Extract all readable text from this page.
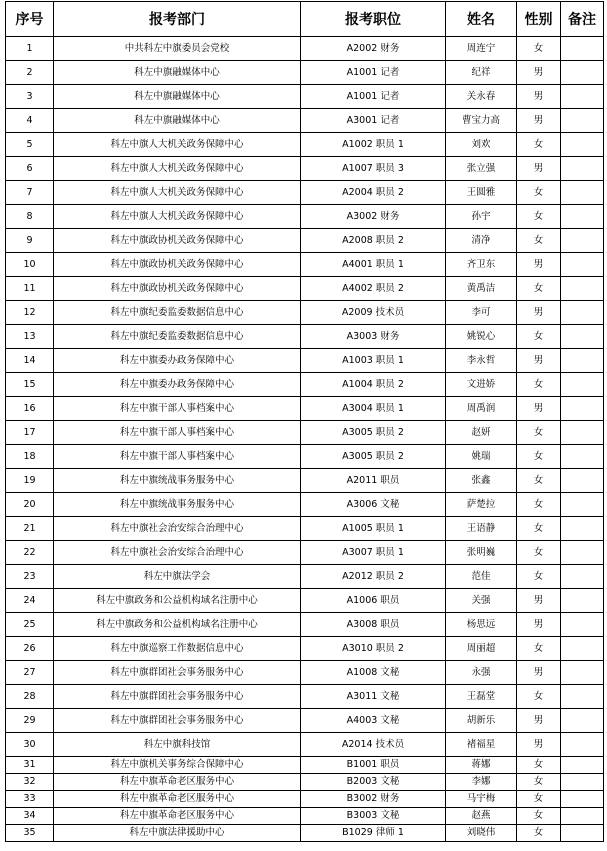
序号	报考部门	报考职位	姓名	性别	备注
1	中共科左中旗委员会党校	A2002 财务	周连宁	女	
2	科左中旗融媒体中心	A1001 记者	纪祥	男	
3	科左中旗融媒体中心	A1001 记者	关永春	男	
4	科左中旗融媒体中心	A3001 记者	曹宝力高	男	
5	科左中旗人大机关政务保障中心	A1002 职员 1	刘欢	女	
6	科左中旗人大机关政务保障中心	A1007 职员 3	张立强	男	
7	科左中旗人大机关政务保障中心	A2004 职员 2	王圆雅	女	
8	科左中旗人大机关政务保障中心	A3002 财务	孙宇	女	
9	科左中旗政协机关政务保障中心	A2008 职员 2	清净	女	
10	科左中旗政协机关政务保障中心	A4001 职员 1	齐卫东	男	
11	科左中旗政协机关政务保障中心	A4002 职员 2	黄禹洁	女	
12	科左中旗纪委监委数据信息中心	A2009 技术员	李可	男	
13	科左中旗纪委监委数据信息中心	A3003 财务	姚锐心	女	
14	科左中旗委办政务保障中心	A1003 职员 1	李永哲	男	
15	科左中旗委办政务保障中心	A1004 职员 2	文进娇	女	
16	科左中旗干部人事档案中心	A3004 职员 1	周禹润	男	
17	科左中旗干部人事档案中心	A3005 职员 2	赵妍	女	
18	科左中旗干部人事档案中心	A3005 职员 2	姚瑞	女	
19	科左中旗统战事务服务中心	A2011 职员	张鑫	女	
20	科左中旗统战事务服务中心	A3006 文秘	萨楚拉	女	
21	科左中旗社会治安综合治理中心	A1005 职员 1	王语静	女	
22	科左中旗社会治安综合治理中心	A3007 职员 1	张明巍	女	
23	科左中旗法学会	A2012 职员 2	范佳	女	
24	科左中旗政务和公益机构域名注册中心	A1006 职员	关强	男	
25	科左中旗政务和公益机构域名注册中心	A3008 职员	杨思远	男	
26	科左中旗巡察工作数据信息中心	A3010 职员 2	周丽超	女	
27	科左中旗群团社会事务服务中心	A1008 文秘	永强	男	
28	科左中旗群团社会事务服务中心	A3011 文秘	王磊堂	女	
29	科左中旗群团社会事务服务中心	A4003 文秘	胡新乐	男	
30	科左中旗科技馆	A2014 技术员	褚福星	男	
31	科左中旗机关事务综合保障中心	B1001 职员	蒋娜	女	
32	科左中旗革命老区服务中心	B2003 文秘	李娜	女	
33	科左中旗革命老区服务中心	B3002 财务	马宇梅	女	
34	科左中旗革命老区服务中心	B3003 文秘	赵燕	女	
35	科左中旗法律援助中心	B1029 律师 1	刘晓伟	女	
